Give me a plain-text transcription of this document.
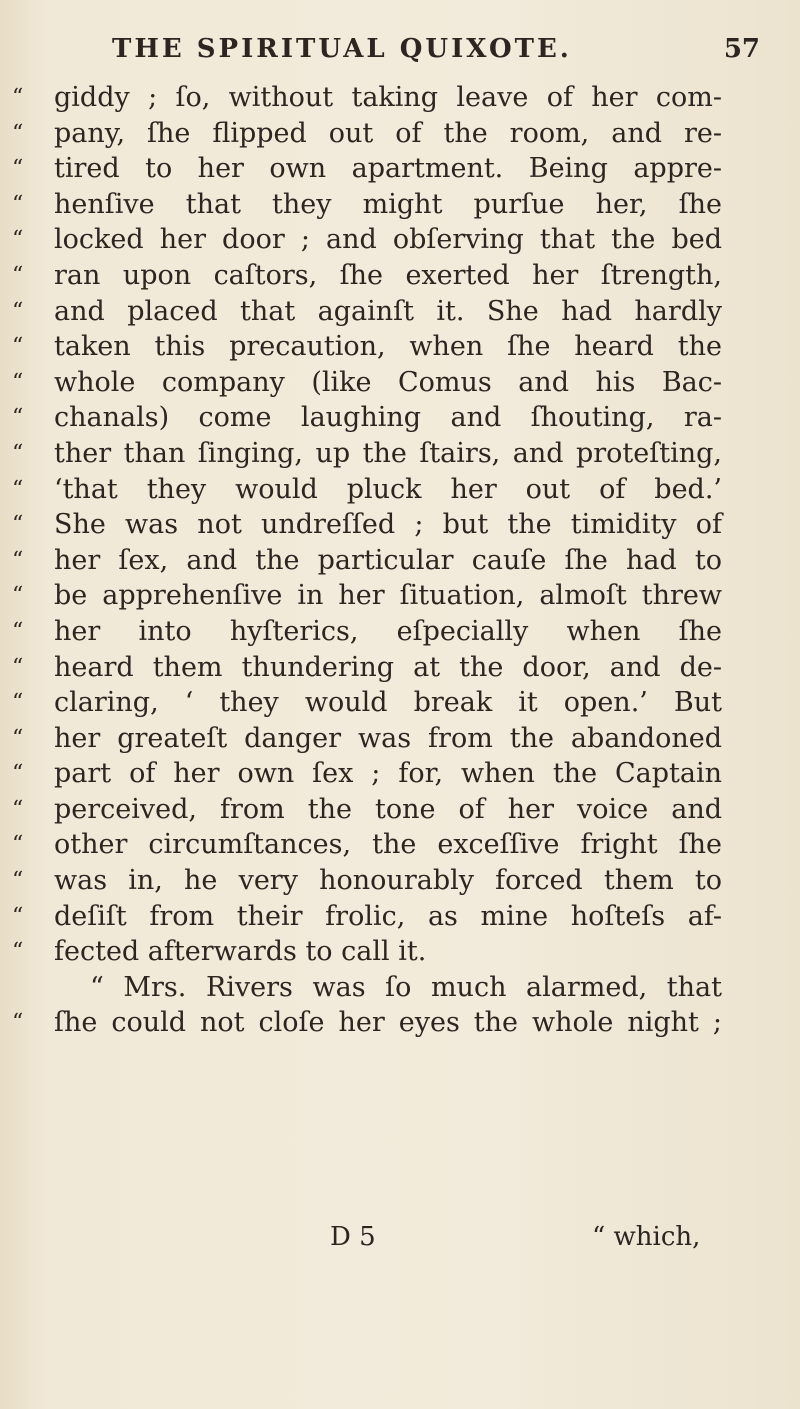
THE SPIRITUAL QUIXOTE.	57
“	giddy ; ſo, without taking leave of her com-
“	pany, ſhe flipped out of the room, and re-
“	tired to her own apartment. Being appre-
“	henſive that they might purſue her, ſhe
“	locked her door ; and obſerving that the bed
“	ran upon caſtors, ſhe exerted her ſtrength,
“	and placed that againſt it. She had hardly
“	taken this precaution, when ſhe heard the
“	whole company (like Comus and his Bac-
“	chanals) come laughing and ſhouting, ra-
“	ther than ſinging, up the ſtairs, and proteſting,
“	‘that they would pluck her out of bed.’
“	She was not undreſſed ; but the timidity of
“	her ſex, and the particular cauſe ſhe had to
“	be apprehenſive in her ſituation, almoſt threw
“	her into hyſterics, eſpecially when ſhe
“	heard them thundering at the door, and de-
“	claring, ‘ they would break it open.’ But
“	her greateſt danger was from the abandoned
“	part of her own ſex ; for, when the Captain
“	perceived, from the tone of her voice and
“	other circumſtances, the exceſſive fright ſhe
“	was in, he very honourably forced them to
“	deſiſt from their frolic, as mine hoſteſs af-
“	fected afterwards to call it.
“ Mrs. Rivers was ſo much alarmed, that
“	ſhe could not cloſe her eyes the whole night ;
D 5	“ which,
